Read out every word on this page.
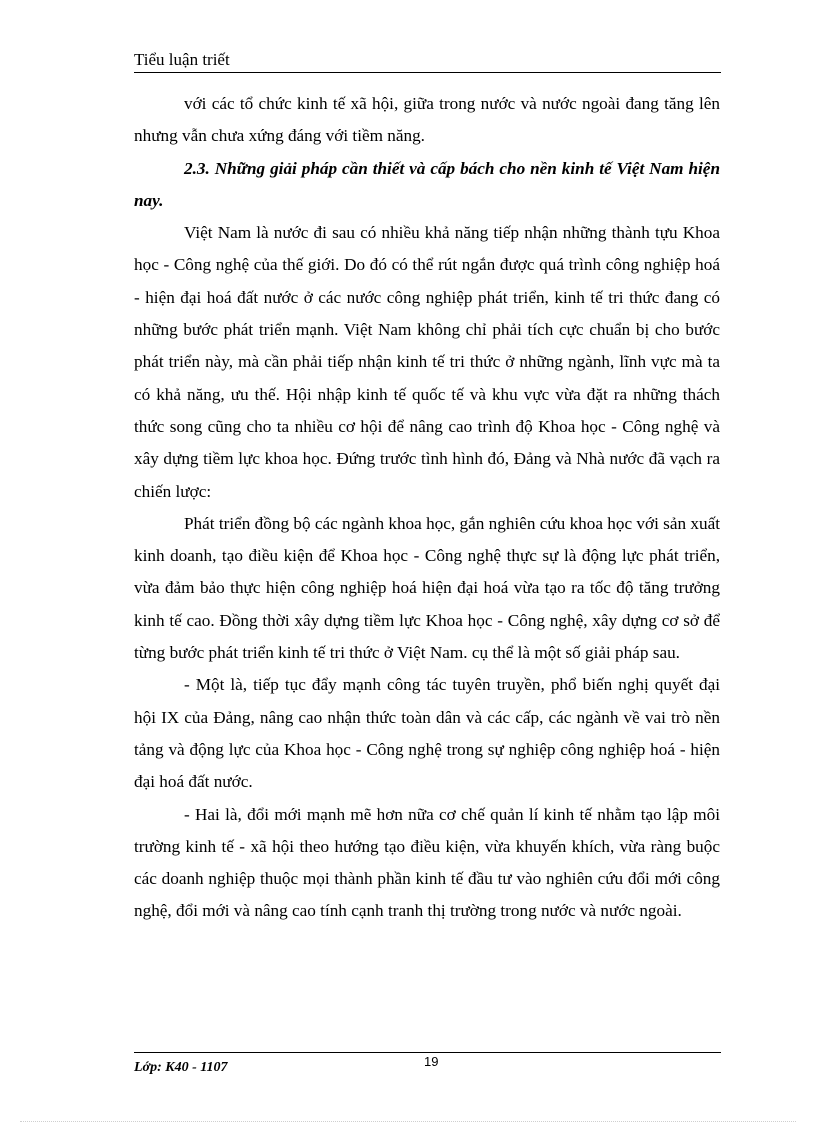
Tiểu luận triết

với các tổ chức kinh tế xã hội, giữa trong nước và nước ngoài đang tăng lên nhưng vẫn chưa xứng đáng với tiềm năng.

2.3. Những giải pháp cần thiết và cấp bách cho nền kinh tế Việt Nam hiện nay.

Việt Nam là nước đi sau có nhiều khả năng tiếp nhận những thành tựu Khoa học - Công nghệ của thế giới. Do đó có thể rút ngắn được quá trình công nghiệp hoá - hiện đại hoá đất nước ở các nước công nghiệp phát triển, kinh tế tri thức đang có những bước phát triển mạnh. Việt Nam không chỉ phải tích cực chuẩn bị cho bước phát triển này, mà cần phải tiếp nhận kinh tế tri thức ở những ngành, lĩnh vực mà ta có khả năng, ưu thế. Hội nhập kinh tế quốc tế và khu vực vừa đặt ra những thách thức song cũng cho ta nhiều cơ hội để nâng cao trình độ Khoa học - Công nghệ và xây dựng tiềm lực khoa học. Đứng trước tình hình đó, Đảng và Nhà nước đã vạch ra chiến lược:

Phát triển đồng bộ các ngành khoa học, gắn nghiên cứu khoa học với sản xuất kinh doanh, tạo điều kiện để Khoa học - Công nghệ thực sự là động lực phát triển, vừa đảm bảo thực hiện công nghiệp hoá hiện đại hoá vừa tạo ra tốc độ tăng trưởng kinh tế cao. Đồng thời xây dựng tiềm lực Khoa học - Công nghệ, xây dựng cơ sở để từng bước phát triển kinh tế tri thức ở Việt Nam. cụ thể là một số giải pháp sau.

- Một là, tiếp tục đẩy mạnh công tác tuyên truyền, phổ biến nghị quyết đại hội IX của Đảng, nâng cao nhận thức toàn dân và các cấp, các ngành về vai trò nền tảng và động lực của Khoa học - Công nghệ trong sự nghiệp công nghiệp hoá - hiện đại hoá đất nước.

- Hai là, đổi mới mạnh mẽ hơn nữa cơ chế quản lí kinh tế nhằm tạo lập môi trường kinh tế - xã hội theo hướng tạo điều kiện, vừa khuyến khích, vừa ràng buộc các doanh nghiệp thuộc mọi thành phần kinh tế đầu tư vào nghiên cứu đổi mới công nghệ, đổi mới và nâng cao tính cạnh tranh thị trường trong nước và nước ngoài.

Lớp: K40 - 1107	19
